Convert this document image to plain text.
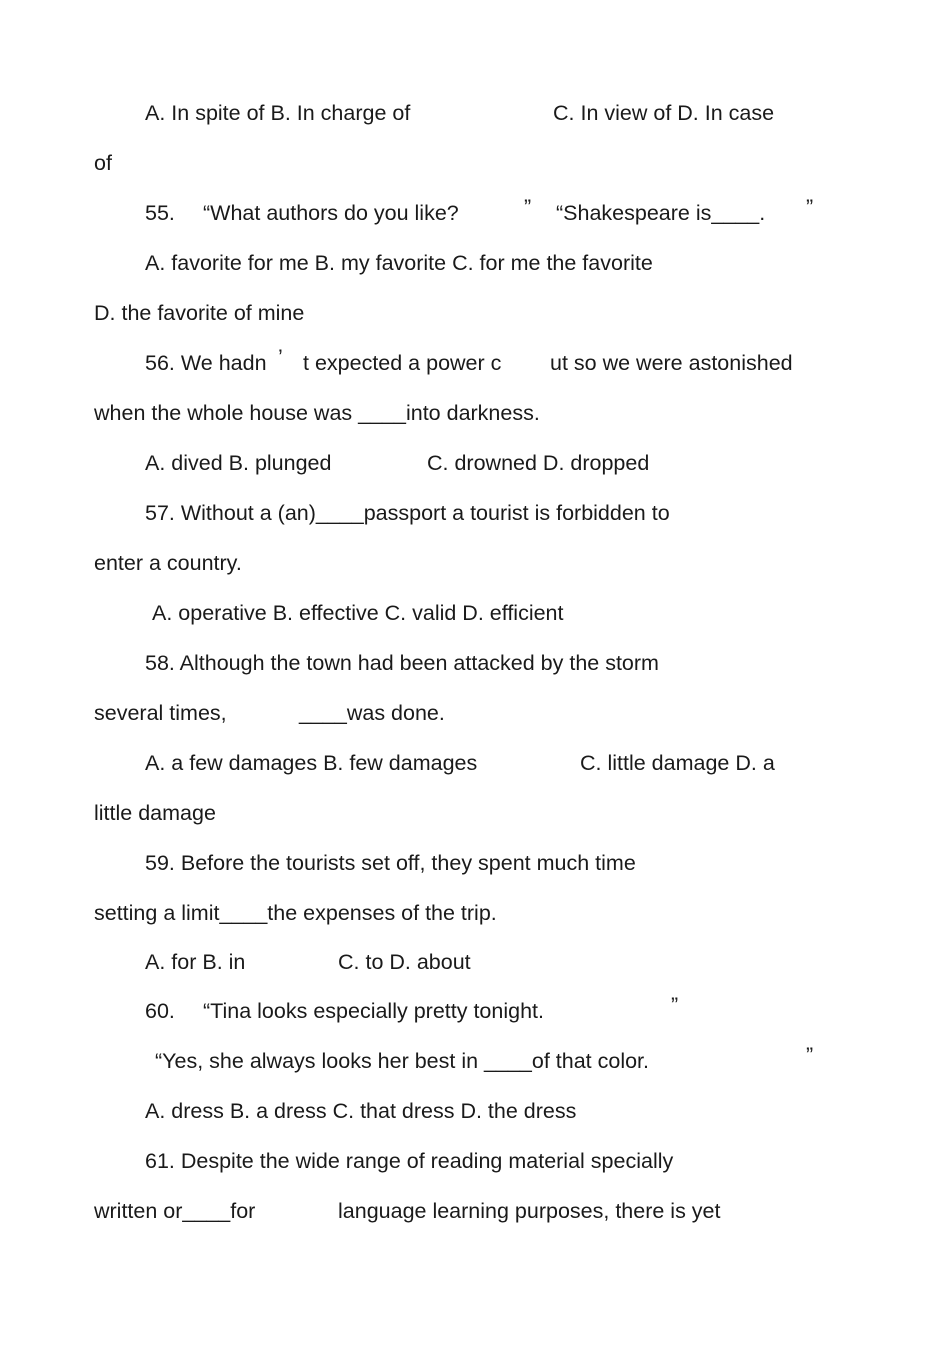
A. In spite of B. In charge of	C. In view of D. In case
of
55. “What authors do you like?	” “Shakespeare is____. ”
A. favorite for me B. my favorite C. for me the favorite
D. the favorite of mine
56. We hadn ’ t expected a power c ut so we were astonished
when the whole house was ____into darkness.
A. dived B. plunged	C. drowned D. dropped
57. Without a (an)____passport a tourist is forbidden to
enter a country.
A. operative B. effective C. valid D. efficient
58. Although the town had been attacked by the storm
several times,	____was done.
A. a few damages B. few damages	C. little damage D. a
little damage
59. Before the tourists set off, they spent much time
setting a limit____the expenses of the trip.
A. for B. in	C. to D. about
60. “Tina looks especially pretty tonight.	”
“Yes, she always looks her best in ____of that color.	”
A. dress B. a dress C. that dress D. the dress
61. Despite the wide range of reading material specially
written or____for	language learning purposes, there is yet
